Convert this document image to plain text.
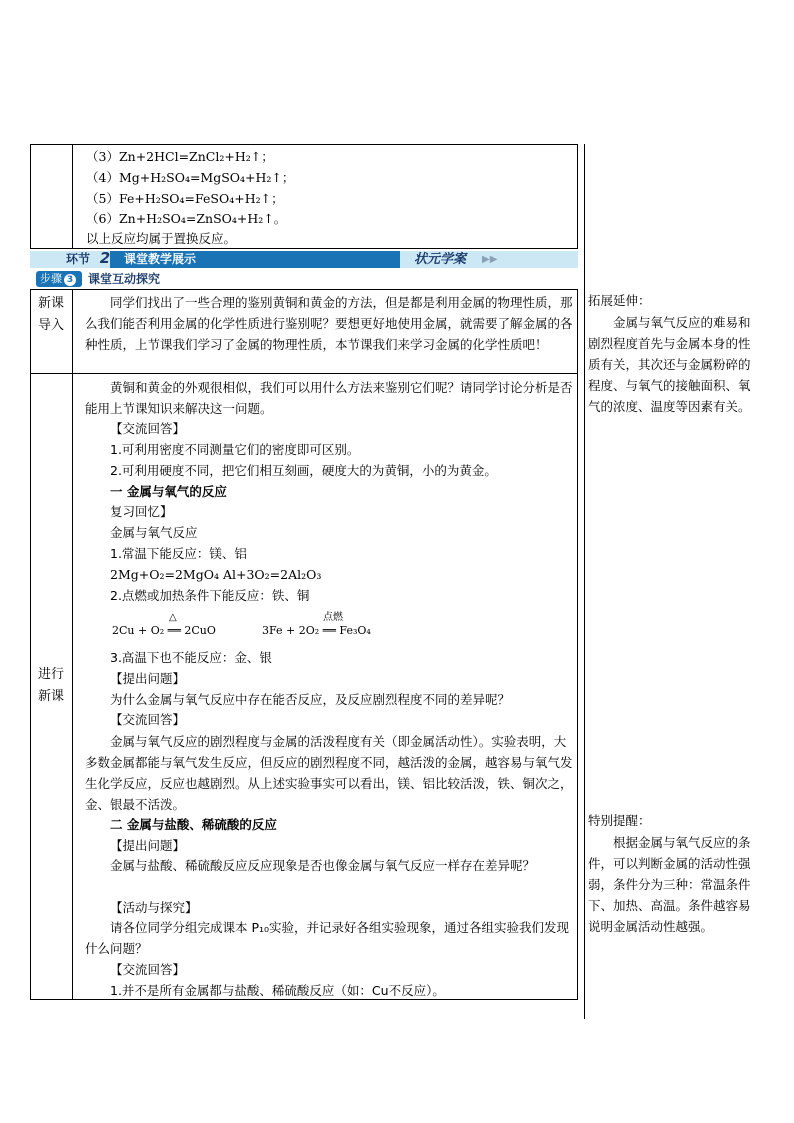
（3）Zn+2HCl=ZnCl₂+H₂↑；
（4）Mg+H₂SO₄=MgSO₄+H₂↑；
（5）Fe+H₂SO₄=FeSO₄+H₂↑；
（6）Zn+H₂SO₄=ZnSO₄+H₂↑。
以上反应均属于置换反应。
环节 2 课堂教学展示	状元学案 ▶▶
步骤 3	课堂互动探究
新课导入
同学们找出了一些合理的鉴别黄铜和黄金的方法，但是都是利用金属的物理性质，那么我们能否利用金属的化学性质进行鉴别呢？要想更好地使用金属，就需要了解金属的各种性质，上节课我们学习了金属的物理性质，本节课我们来学习金属的化学性质吧！
进行新课
黄铜和黄金的外观很相似，我们可以用什么方法来鉴别它们呢？请同学讨论分析是否能用上节课知识来解决这一问题。
【交流回答】
1.可利用密度不同测量它们的密度即可区别。
2.可利用硬度不同，把它们相互刻画，硬度大的为黄铜，小的为黄金。
一 金属与氧气的反应
复习回忆】
金属与氧气反应
1.常温下能反应：镁、铝
2Mg+O₂=2MgO₄ Al+3O₂=2Al₂O₃
2.点燃或加热条件下能反应：铁、铜
2Cu + O₂ ══ 2CuO
△
3Fe + 2O₂ ══ Fe₃O₄
点燃
3.高温下也不能反应：金、银
【提出问题】
为什么金属与氧气反应中存在能否反应，及反应剧烈程度不同的差异呢？
【交流回答】
金属与氧气反应的剧烈程度与金属的活泼程度有关（即金属活动性）。实验表明，大多数金属都能与氧气发生反应，但反应的剧烈程度不同，越活泼的金属，越容易与氧气发生化学反应，反应也越剧烈。从上述实验事实可以看出，镁、铝比较活泼，铁、铜次之，金、银最不活泼。
二 金属与盐酸、稀硫酸的反应
【提出问题】
金属与盐酸、稀硫酸反应反应现象是否也像金属与氧气反应一样存在差异呢？
【活动与探究】
请各位同学分组完成课本 P₁₀实验，并记录好各组实验现象，通过各组实验我们发现什么问题？
【交流回答】
1.并不是所有金属都与盐酸、稀硫酸反应（如：Cu不反应）。
拓展延伸：
金属与氧气反应的难易和剧烈程度首先与金属本身的性质有关，其次还与金属粉碎的程度、与氧气的接触面积、氧气的浓度、温度等因素有关。
特别提醒：
根据金属与氧气反应的条件，可以判断金属的活动性强弱，条件分为三种：常温条件下、加热、高温。条件越容易说明金属活动性越强。
